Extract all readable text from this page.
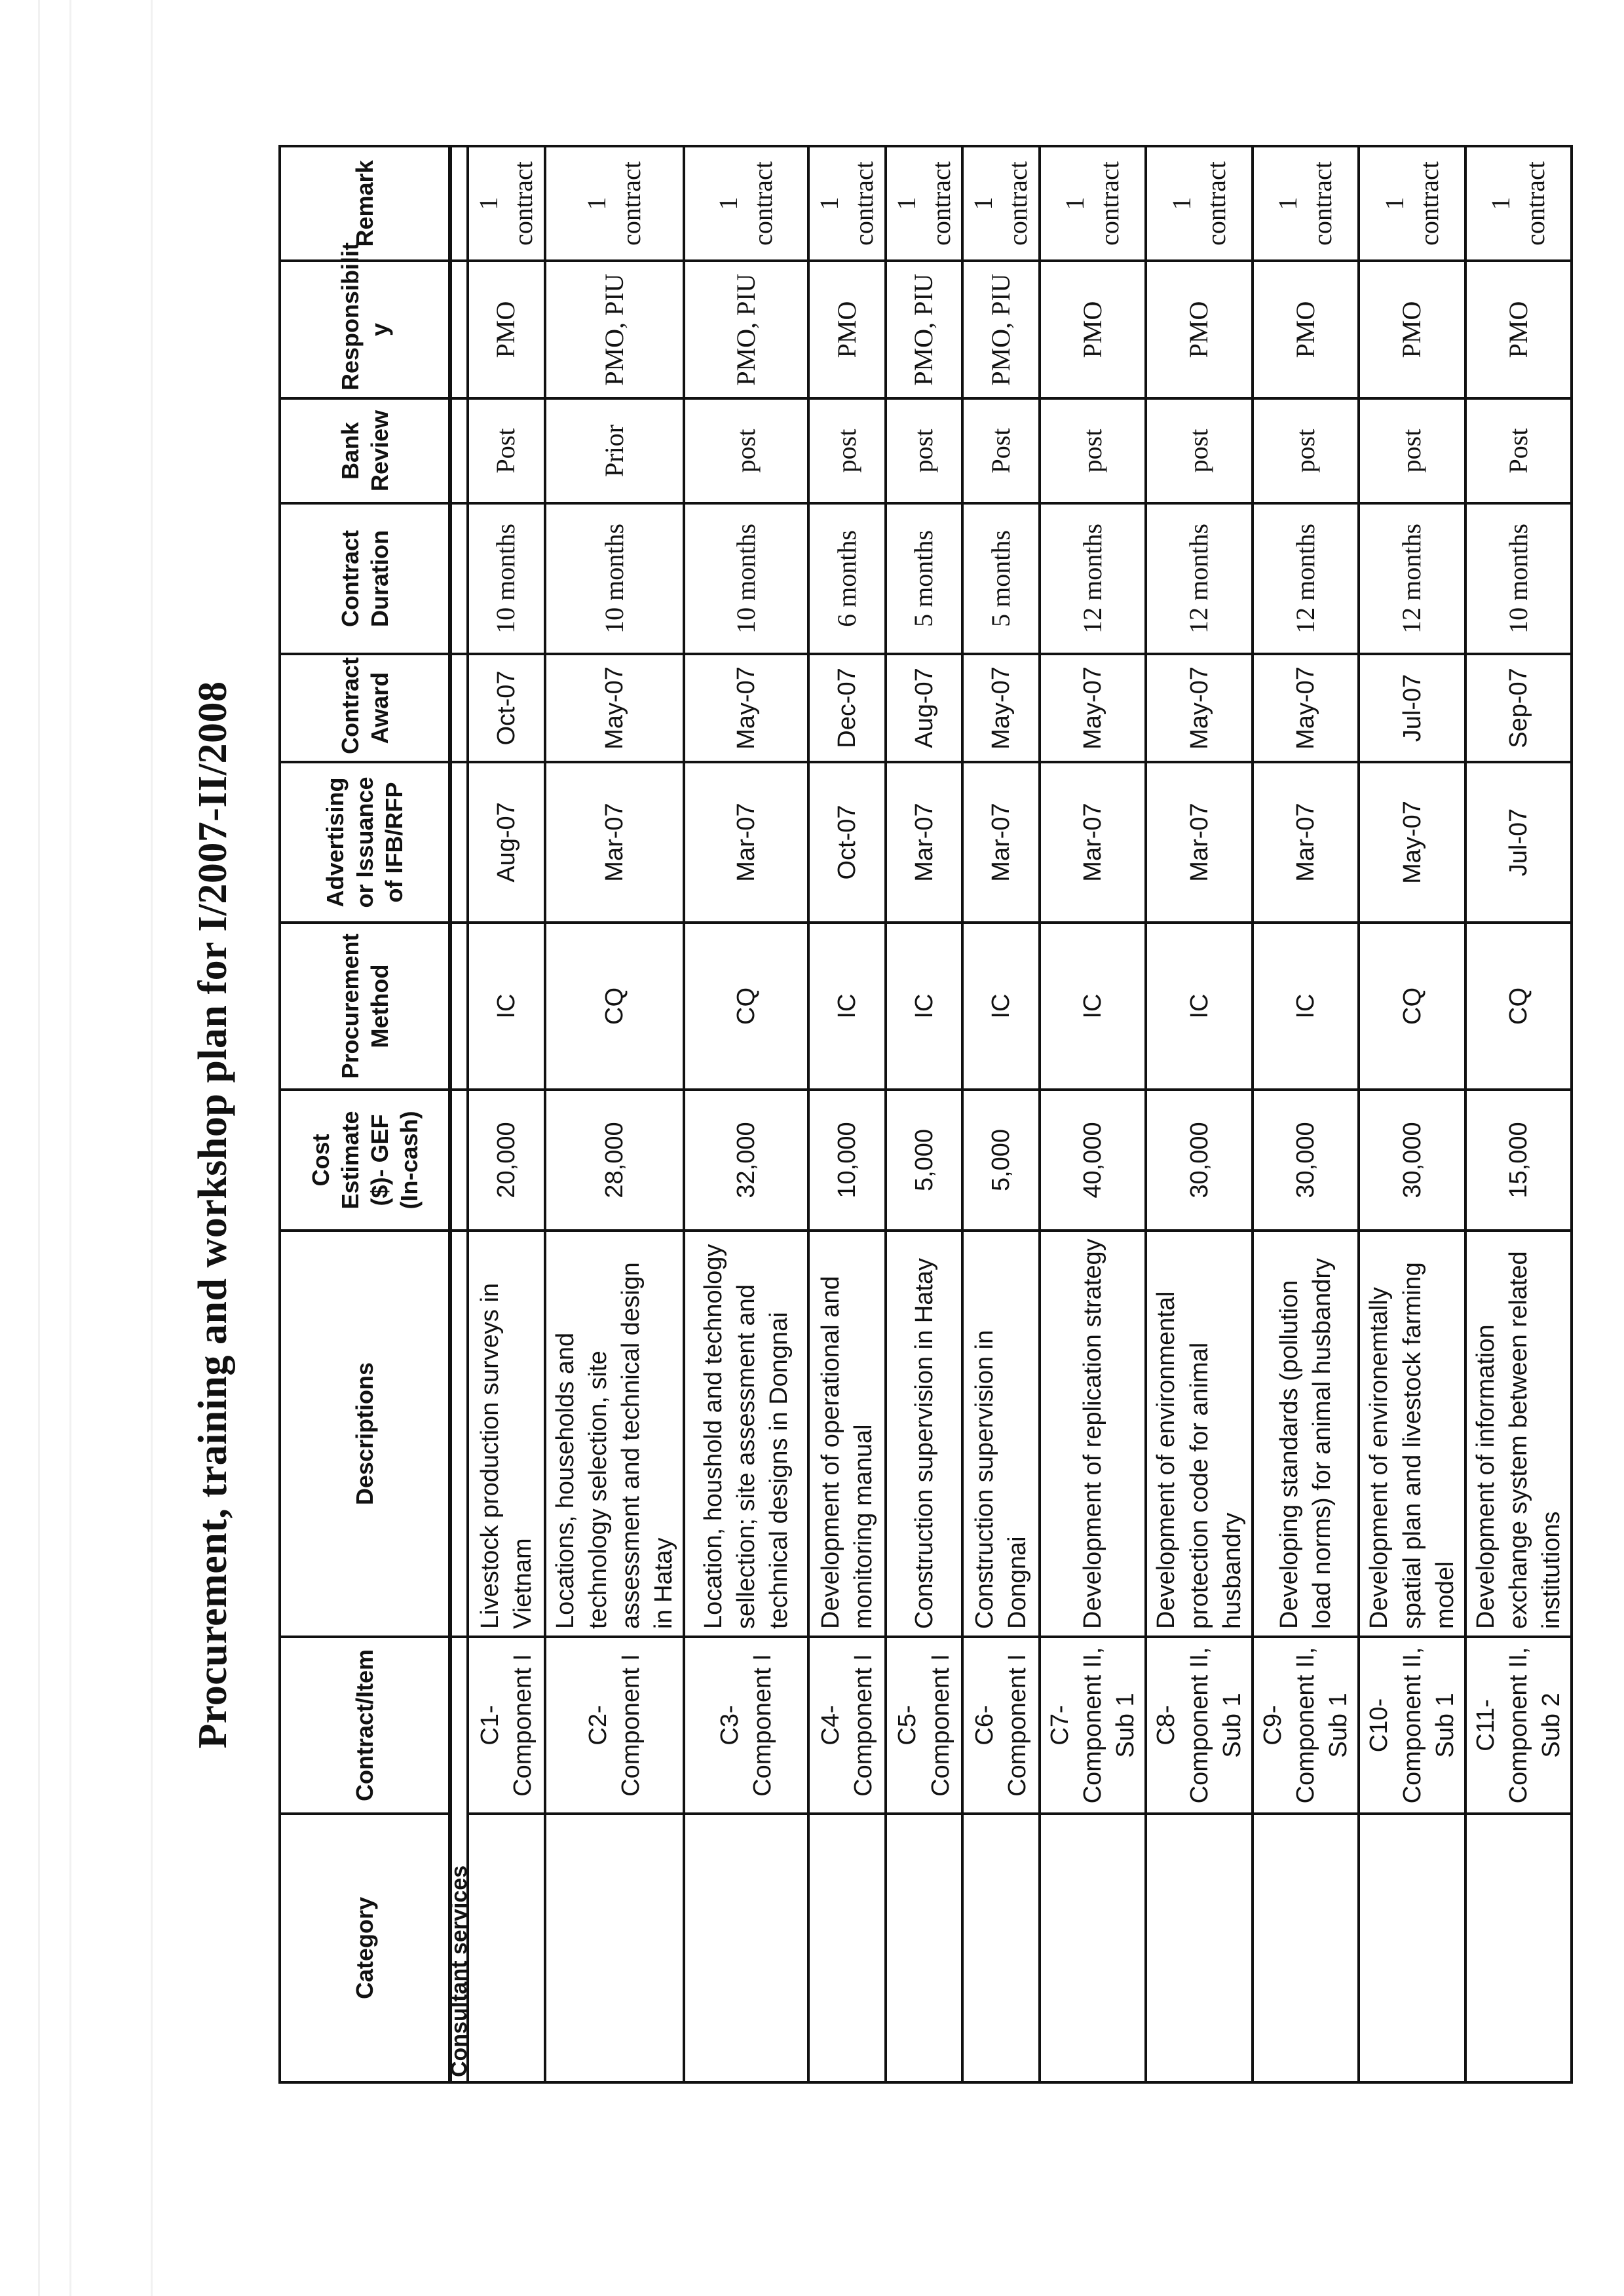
Procurement, training and workshop plan for I/2007-II/2008
Category	Contract/Item	Descriptions	Cost Estimate ($)- GEF (In-cash)	Procurement Method	Advertising or Issuance of IFB/RFP	Contract Award	Contract Duration	Bank Review	Responsibilit y	Remark
Consultant services										
	C1-Component I	Livestock production surveys in Vietnam	20,000	IC	Aug-07	Oct-07	10 months	Post	PMO	1 contract
	C2-Component I	Locations, households and technology selection, site assessment and technical design in Hatay	28,000	CQ	Mar-07	May-07	10 months	Prior	PMO, PIU	1 contract
	C3-Component I	Location, houshold and technology sellection; site assessment and technical designs in Dongnai	32,000	CQ	Mar-07	May-07	10 months	post	PMO, PIU	1 contract
	C4-Component I	Development of operational and monitoring manual	10,000	IC	Oct-07	Dec-07	6 months	post	PMO	1 contract
	C5-Component I	Construction supervision in Hatay	5,000	IC	Mar-07	Aug-07	5 months	post	PMO, PIU	1 contract
	C6-Component I	Construction supervision in Dongnai	5,000	IC	Mar-07	May-07	5 months	Post	PMO, PIU	1 contract
	C7-Component II, Sub 1	Development of replication strategy	40,000	IC	Mar-07	May-07	12 months	post	PMO	1 contract
	C8-Component II, Sub 1	Development of environmental protection code for animal husbandry	30,000	IC	Mar-07	May-07	12 months	post	PMO	1 contract
	C9-Component II, Sub 1	Developing standards (pollution load norms) for animal husbandry	30,000	IC	Mar-07	May-07	12 months	post	PMO	1 contract
	C10-Component II, Sub 1	Development of environemtally spatial plan and livestock farming model	30,000	CQ	May-07	Jul-07	12 months	post	PMO	1 contract
	C11-Component II, Sub 2	Development of information exchange system between related institutions	15,000	CQ	Jul-07	Sep-07	10 months	Post	PMO	1 contract
